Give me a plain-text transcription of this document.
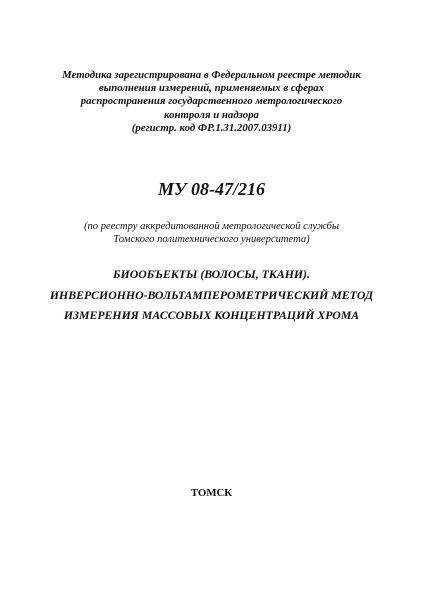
Методика зарегистрирована в Федеральном реестре методик
выполнения измерений, применяемых в сферах
распространения государственного метрологического
контроля и надзора
(регистр. код ФР.1.31.2007.03911)
МУ 08-47/216
(по реестру аккредитованной метрологической службы
Томского политехнического университета)
БИООБЪЕКТЫ (ВОЛОСЫ, ТКАНИ).
ИНВЕРСИОННО-ВОЛЬТАМПЕРОМЕТРИЧЕСКИЙ МЕТОД
ИЗМЕРЕНИЯ МАССОВЫХ КОНЦЕНТРАЦИЙ ХРОМА
ТОМСК
